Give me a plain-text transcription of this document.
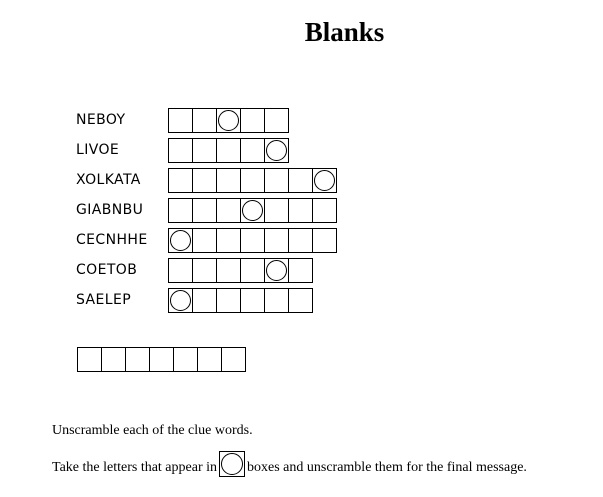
Blanks
NEBOY
LIVOE
XOLKATA
GIABNBU
CECNHHE
COETOB
SAELEP
Unscramble each of the clue words.
Take the letters that appear in boxes and unscramble them for the final message.
